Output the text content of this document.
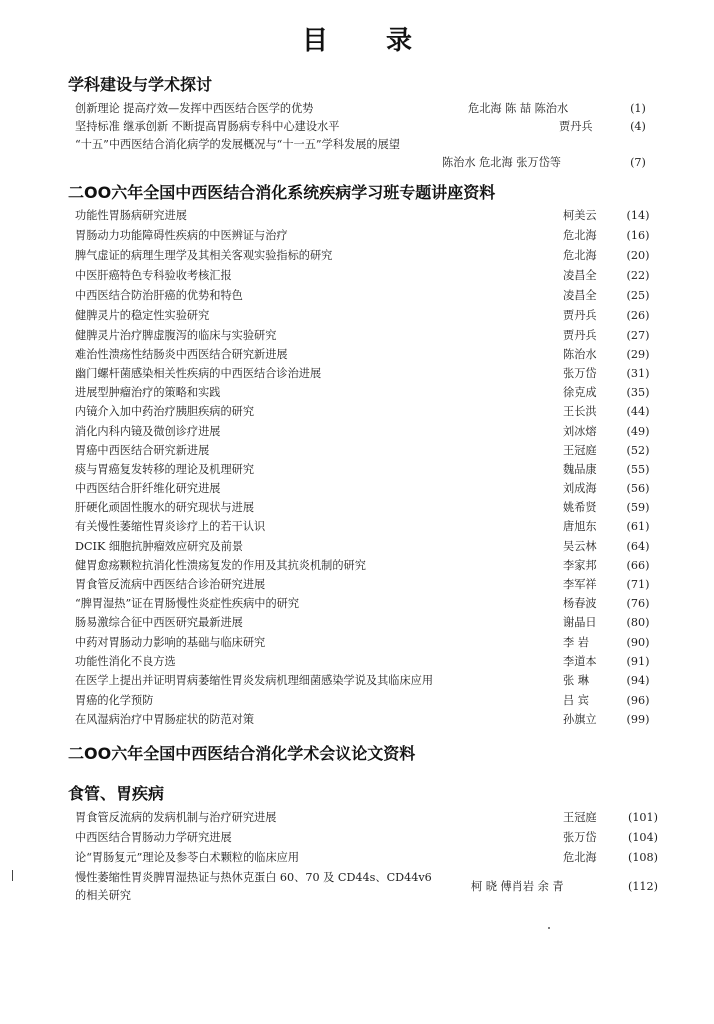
目录
学科建设与学术探讨
创新理论 提高疗效—发挥中西医结合医学的优势	危北海 陈 喆 陈治水	(1)
坚持标准 继承创新 不断提高胃肠病专科中心建设水平	贾丹兵	(4)
“十五”中西医结合消化病学的发展概况与“十一五”学科发展的展望
陈治水 危北海 张万岱等	(7)
二OO六年全国中西医结合消化系统疾病学习班专题讲座资料
功能性胃肠病研究进展	柯美云	(14)
胃肠动力功能障碍性疾病的中医辨证与治疗	危北海	(16)
脾气虚证的病理生理学及其相关客观实验指标的研究	危北海	(20)
中医肝癌特色专科验收考核汇报	凌昌全	(22)
中西医结合防治肝癌的优势和特色	凌昌全	(25)
健脾灵片的稳定性实验研究	贾丹兵	(26)
健脾灵片治疗脾虚腹泻的临床与实验研究	贾丹兵	(27)
难治性溃疡性结肠炎中西医结合研究新进展	陈治水	(29)
幽门螺杆菌感染相关性疾病的中西医结合诊治进展	张万岱	(31)
进展型肿瘤治疗的策略和实践	徐克成	(35)
内镜介入加中药治疗胰胆疾病的研究	王长洪	(44)
消化内科内镜及微创诊疗进展	刘冰熔	(49)
胃癌中西医结合研究新进展	王冠庭	(52)
痰与胃癌复发转移的理论及机理研究	魏品康	(55)
中西医结合肝纤维化研究进展	刘成海	(56)
肝硬化顽固性腹水的研究现状与进展	姚希贤	(59)
有关慢性萎缩性胃炎诊疗上的若干认识	唐旭东	(61)
DCIK 细胞抗肿瘤效应研究及前景	吴云林	(64)
健胃愈疡颗粒抗消化性溃疡复发的作用及其抗炎机制的研究	李家邦	(66)
胃食管反流病中西医结合诊治研究进展	李军祥	(71)
“脾胃湿热”证在胃肠慢性炎症性疾病中的研究	杨春波	(76)
肠易激综合征中西医研究最新进展	谢晶日	(80)
中药对胃肠动力影响的基础与临床研究	李 岩	(90)
功能性消化不良方选	李道本	(91)
在医学上提出并证明胃病萎缩性胃炎发病机理细菌感染学说及其临床应用	张 琳	(94)
胃癌的化学预防	吕 宾	(96)
在风湿病治疗中胃肠症状的防范对策	孙旗立	(99)
二OO六年全国中西医结合消化学术会议论文资料
食管、胃疾病
胃食管反流病的发病机制与治疗研究进展	王冠庭	(101)
中西医结合胃肠动力学研究进展	张万岱	(104)
论“胃肠复元”理论及参苓白术颗粒的临床应用	危北海	(108)
慢性萎缩性胃炎脾胃湿热证与热休克蛋白 60、70 及 CD44s、CD44v6
的相关研究
柯 晓 傅肖岩 余 青	(112)
